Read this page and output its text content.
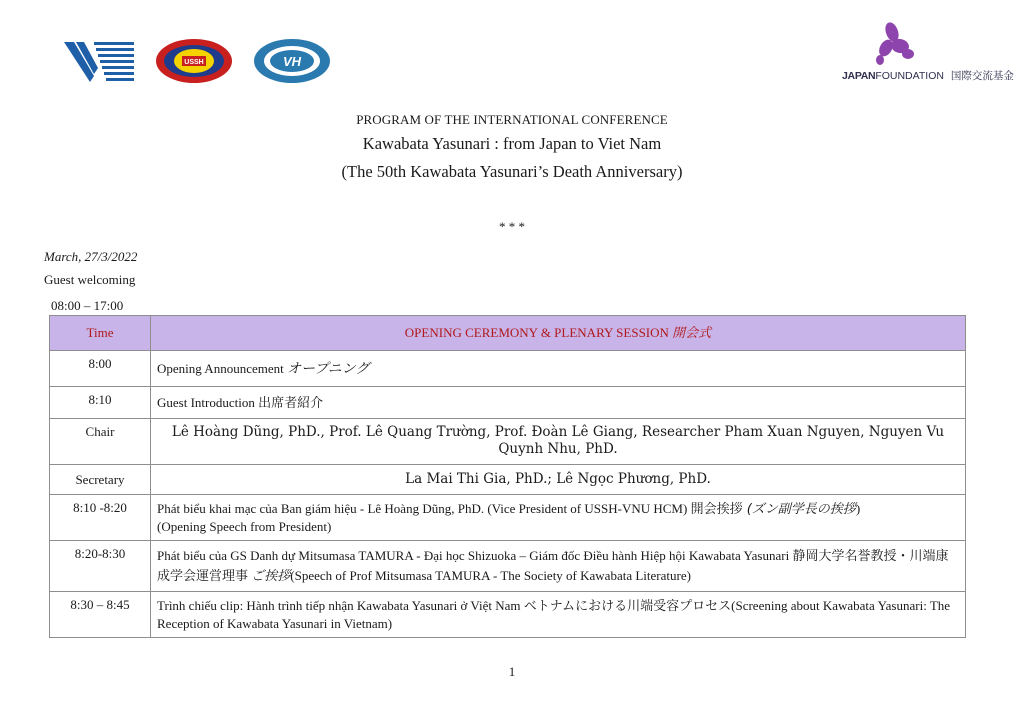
USSH	VH
JAPANFOUNDATION 国際交流基金
PROGRAM OF THE INTERNATIONAL CONFERENCE
Kawabata Yasunari : from Japan to Viet Nam
(The 50th Kawabata Yasunari’s Death Anniversary)
* * *
March, 27/3/2022
Guest welcoming
08:00 – 17:00
Time	OPENING CEREMONY & PLENARY SESSION 開会式
8:00	Opening Announcement オープニング
8:10	Guest Introduction 出席者紹介
Chair	Lê Hoàng Dũng, PhD., Prof. Lê Quang Trường, Prof. Đoàn Lê Giang, Researcher Pham Xuan Nguyen, Nguyen Vu Quynh Nhu, PhD.
Secretary	La Mai Thi Gia, PhD.; Lê Ngọc Phương, PhD.
8:10 -8:20	Phát biểu khai mạc của Ban giám hiệu - Lê Hoàng Dũng, PhD. (Vice President of USSH-VNU HCM) 開会挨拶 (ズン副学長の挨拶)
(Opening Speech from President)
8:20-8:30	Phát biểu của GS Danh dự Mitsumasa TAMURA - Đại học Shizuoka – Giám đốc Điều hành Hiệp hội Kawabata Yasunari 静岡大学名誉教授・川端康成学会運営理事 ご挨拶(Speech of Prof Mitsumasa TAMURA - The Society of Kawabata Literature)
8:30 – 8:45	Trình chiếu clip: Hành trình tiếp nhận Kawabata Yasunari ở Việt Nam ベトナムにおける川端受容プロセス(Screening about Kawabata Yasunari: The Reception of Kawabata Yasunari in Vietnam)
1
